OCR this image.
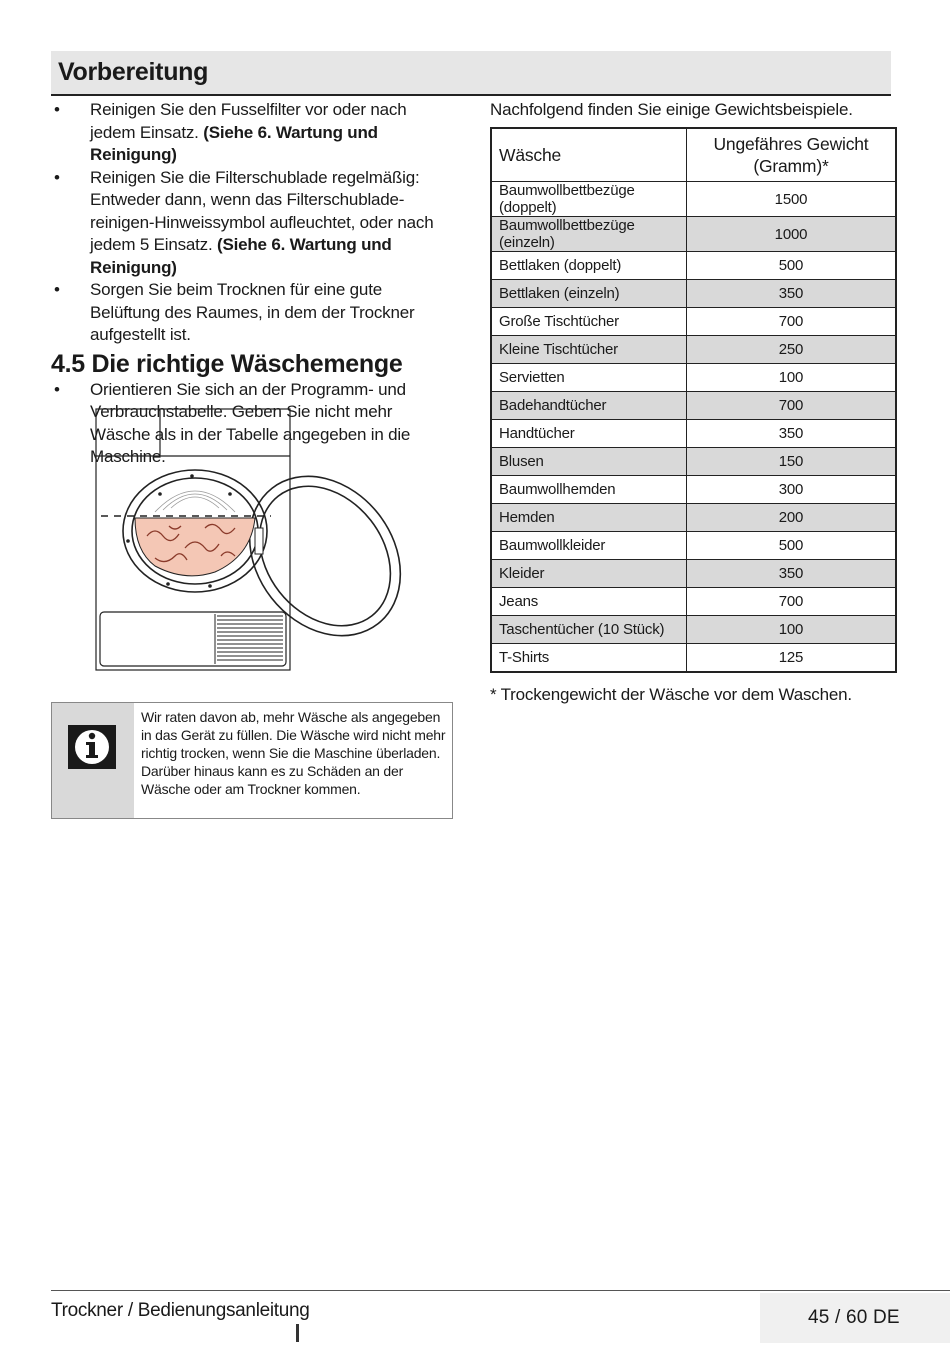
Vorbereitung
• Reinigen Sie den Fusselfilter vor oder nach jedem Einsatz. (Siehe 6. Wartung und Reinigung)
• Reinigen Sie die Filterschublade regelmäßig: Entweder dann, wenn das Filterschublade-reinigen-Hinweissymbol aufleuchtet, oder nach jedem 5 Einsatz. (Siehe 6. Wartung und Reinigung)
• Sorgen Sie beim Trocknen für eine gute Belüftung des Raumes, in dem der Trockner aufgestellt ist.
4.5 Die richtige Wäschemenge
• Orientieren Sie sich an der Programm- und Verbrauchstabelle. Geben Sie nicht mehr Wäsche als in der Tabelle angegeben in die Maschine.
Wir raten davon ab, mehr Wäsche als angegeben in das Gerät zu füllen. Die Wäsche wird nicht mehr richtig trocken, wenn Sie die Maschine überladen. Darüber hinaus kann es zu Schäden an der Wäsche oder am Trockner kommen.
Nachfolgend finden Sie einige Gewichtsbeispiele.
Wäsche	Ungefähres Gewicht (Gramm)*
Baumwollbettbezüge (doppelt)	1500
Baumwollbettbezüge (einzeln)	1000
Bettlaken (doppelt)	500
Bettlaken (einzeln)	350
Große Tischtücher	700
Kleine Tischtücher	250
Servietten	100
Badehandtücher	700
Handtücher	350
Blusen	150
Baumwollhemden	300
Hemden	200
Baumwollkleider	500
Kleider	350
Jeans	700
Taschentücher (10 Stück)	100
T-Shirts	125
* Trockengewicht der Wäsche vor dem Waschen.
Trockner / Bedienungsanleitung	45 / 60 DE
